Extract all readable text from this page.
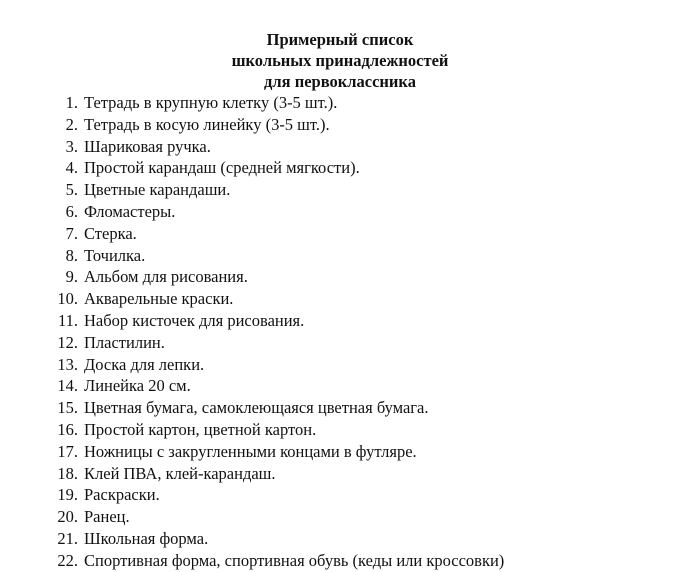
Примерный список
школьных принадлежностей
для первоклассника
1. Тетрадь в крупную клетку (3-5 шт.).
2. Тетрадь в косую линейку (3-5 шт.).
3. Шариковая ручка.
4. Простой карандаш (средней мягкости).
5. Цветные карандаши.
6. Фломастеры.
7. Стерка.
8. Точилка.
9. Альбом для рисования.
10. Акварельные краски.
11. Набор кисточек для рисования.
12. Пластилин.
13. Доска для лепки.
14. Линейка 20 см.
15. Цветная бумага, самоклеющаяся цветная бумага.
16. Простой картон, цветной картон.
17. Ножницы с закругленными концами в футляре.
18. Клей ПВА, клей-карандаш.
19. Раскраски.
20. Ранец.
21. Школьная форма.
22. Спортивная форма, спортивная обувь (кеды или кроссовки)
